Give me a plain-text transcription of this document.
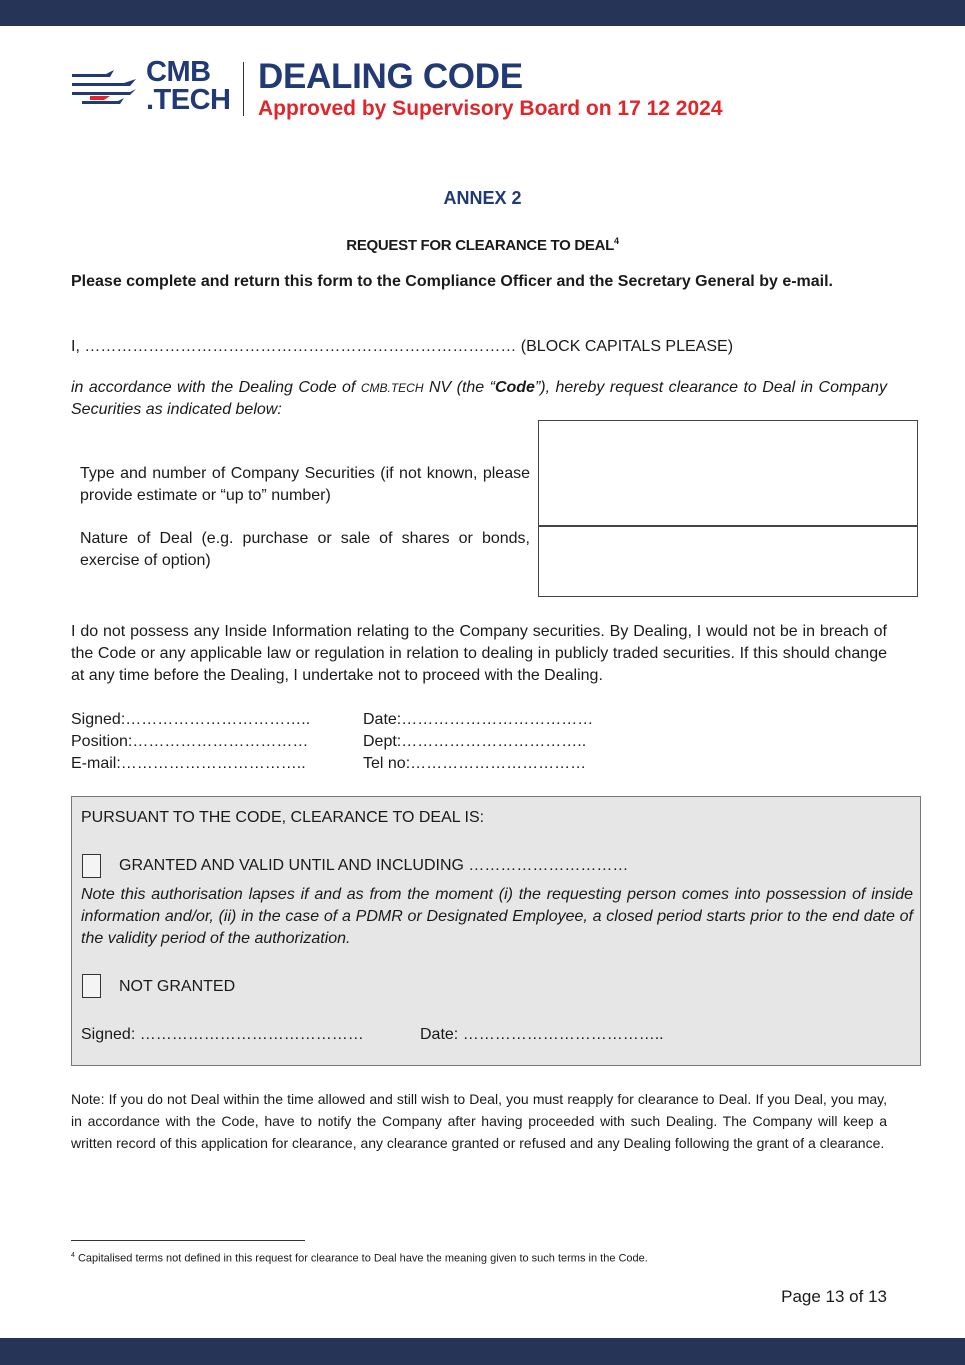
CMB
.TECH
DEALING CODE
Approved by Supervisory Board on 17 12 2024
ANNEX 2
REQUEST FOR CLEARANCE TO DEAL$^4$
Please complete and return this form to the Compliance Officer and the Secretary General by e-mail.
I, ……………………………………………………………………… (BLOCK CAPITALS PLEASE)
in accordance with the Dealing Code of CMB.TECH NV (the “Code”), hereby request clearance to Deal in Company Securities as indicated below:
Type and number of Company Securities (if not known, please provide estimate or “up to” number)
Nature of Deal (e.g. purchase or sale of shares or bonds, exercise of option)
I do not possess any Inside Information relating to the Company securities. By Dealing, I would not be in breach of the Code or any applicable law or regulation in relation to dealing in publicly traded securities. If this should change at any time before the Dealing, I undertake not to proceed with the Dealing.
Signed:……………………………..	Date:………………………………
Position:……………………………	Dept:……………………………..
E-mail:……………………………..	Tel no:……………………………
PURSUANT TO THE CODE, CLEARANCE TO DEAL IS:
GRANTED AND VALID UNTIL AND INCLUDING …………………………
Note this authorisation lapses if and as from the moment (i) the requesting person comes into possession of inside information and/or, (ii) in the case of a PDMR or Designated Employee, a closed period starts prior to the end date of the validity period of the authorization.
NOT GRANTED
Signed: ……………………………………	Date: ………………………………..
Note: If you do not Deal within the time allowed and still wish to Deal, you must reapply for clearance to Deal. If you Deal, you may, in accordance with the Code, have to notify the Company after having proceeded with such Dealing. The Company will keep a written record of this application for clearance, any clearance granted or refused and any Dealing following the grant of a clearance.
$^4$ Capitalised terms not defined in this request for clearance to Deal have the meaning given to such terms in the Code.
Page 13 of 13
